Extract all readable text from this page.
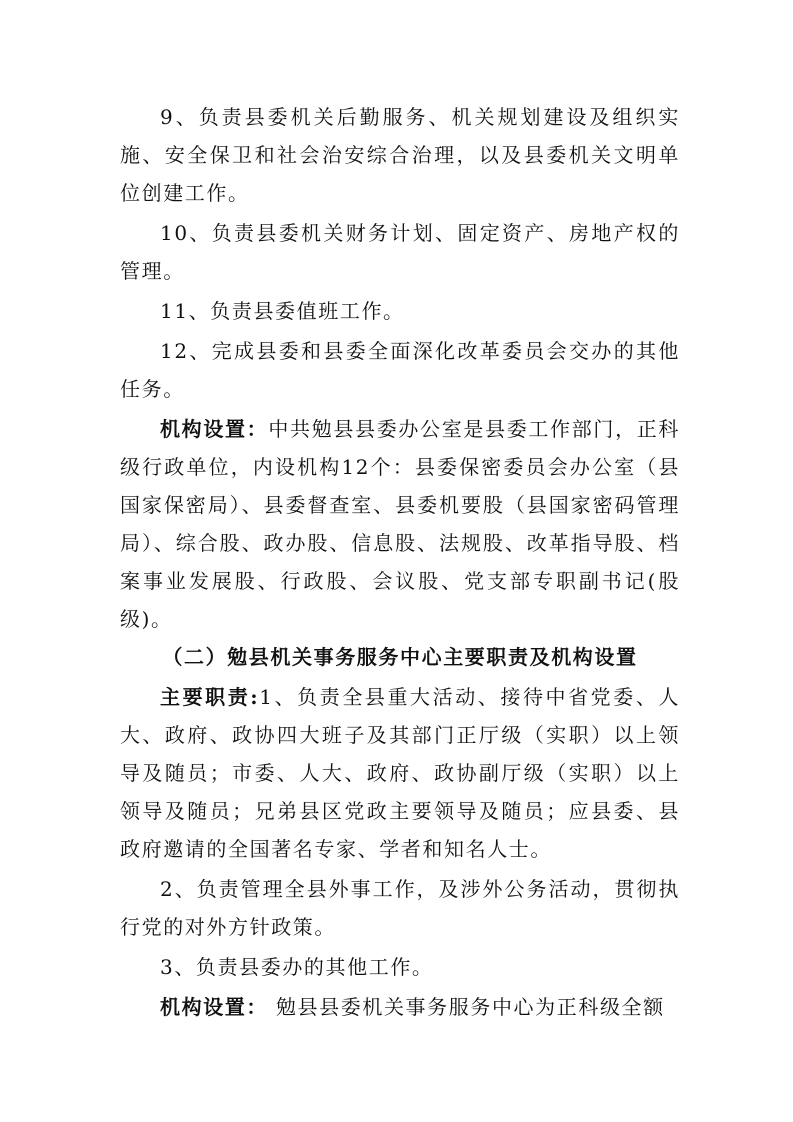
9、负责县委机关后勤服务、机关规划建设及组织实施、安全保卫和社会治安综合治理，以及县委机关文明单位创建工作。

10、负责县委机关财务计划、固定资产、房地产权的管理。

11、负责县委值班工作。

12、完成县委和县委全面深化改革委员会交办的其他任务。

机构设置：中共勉县县委办公室是县委工作部门，正科级行政单位，内设机构12个：县委保密委员会办公室（县国家保密局）、县委督查室、县委机要股（县国家密码管理局）、综合股、政办股、信息股、法规股、改革指导股、档案事业发展股、行政股、会议股、党支部专职副书记(股级)。

（二）勉县机关事务服务中心主要职责及机构设置

主要职责:1、负责全县重大活动、接待中省党委、人大、政府、政协四大班子及其部门正厅级（实职）以上领导及随员；市委、人大、政府、政协副厅级（实职）以上领导及随员；兄弟县区党政主要领导及随员；应县委、县政府邀请的全国著名专家、学者和知名人士。

2、负责管理全县外事工作，及涉外公务活动，贯彻执行党的对外方针政策。

3、负责县委办的其他工作。

机构设置： 勉县县委机关事务服务中心为正科级全额
